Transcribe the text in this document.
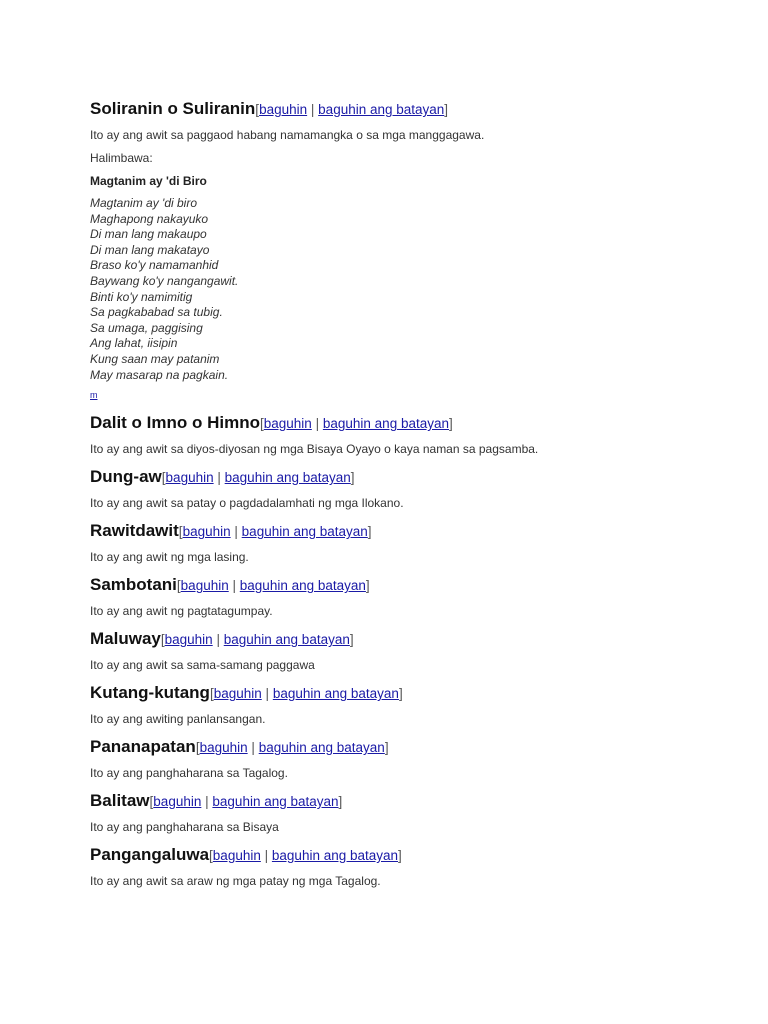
Soliranin o Suliranin[baguhin | baguhin ang batayan]

Ito ay ang awit sa paggaod habang namamangka o sa mga manggagawa.

Halimbawa:

Magtanim ay 'di Biro

Magtanim ay 'di biro
Maghapong nakayuko
Di man lang makaupo
Di man lang makatayo
Braso ko'y namamanhid
Baywang ko'y nangangawit.
Binti ko'y namimitig
Sa pagkababad sa tubig.
Sa umaga, paggising
Ang lahat, iisipin
Kung saan may patanim
May masarap na pagkain.
m
Dalit o Imno o Himno[baguhin | baguhin ang batayan]

Ito ay ang awit sa diyos-diyosan ng mga Bisaya Oyayo o kaya naman sa pagsamba.

Dung-aw[baguhin | baguhin ang batayan]

Ito ay ang awit sa patay o pagdadalamhati ng mga Ilokano.

Rawitdawit[baguhin | baguhin ang batayan]

Ito ay ang awit ng mga lasing.

Sambotani[baguhin | baguhin ang batayan]

Ito ay ang awit ng pagtatagumpay.

Maluway[baguhin | baguhin ang batayan]

Ito ay ang awit sa sama-samang paggawa

Kutang-kutang[baguhin | baguhin ang batayan]

Ito ay ang awiting panlansangan.

Pananapatan[baguhin | baguhin ang batayan]

Ito ay ang panghaharana sa Tagalog.

Balitaw[baguhin | baguhin ang batayan]

Ito ay ang panghaharana sa Bisaya

Pangangaluwa[baguhin | baguhin ang batayan]

Ito ay ang awit sa araw ng mga patay ng mga Tagalog.
